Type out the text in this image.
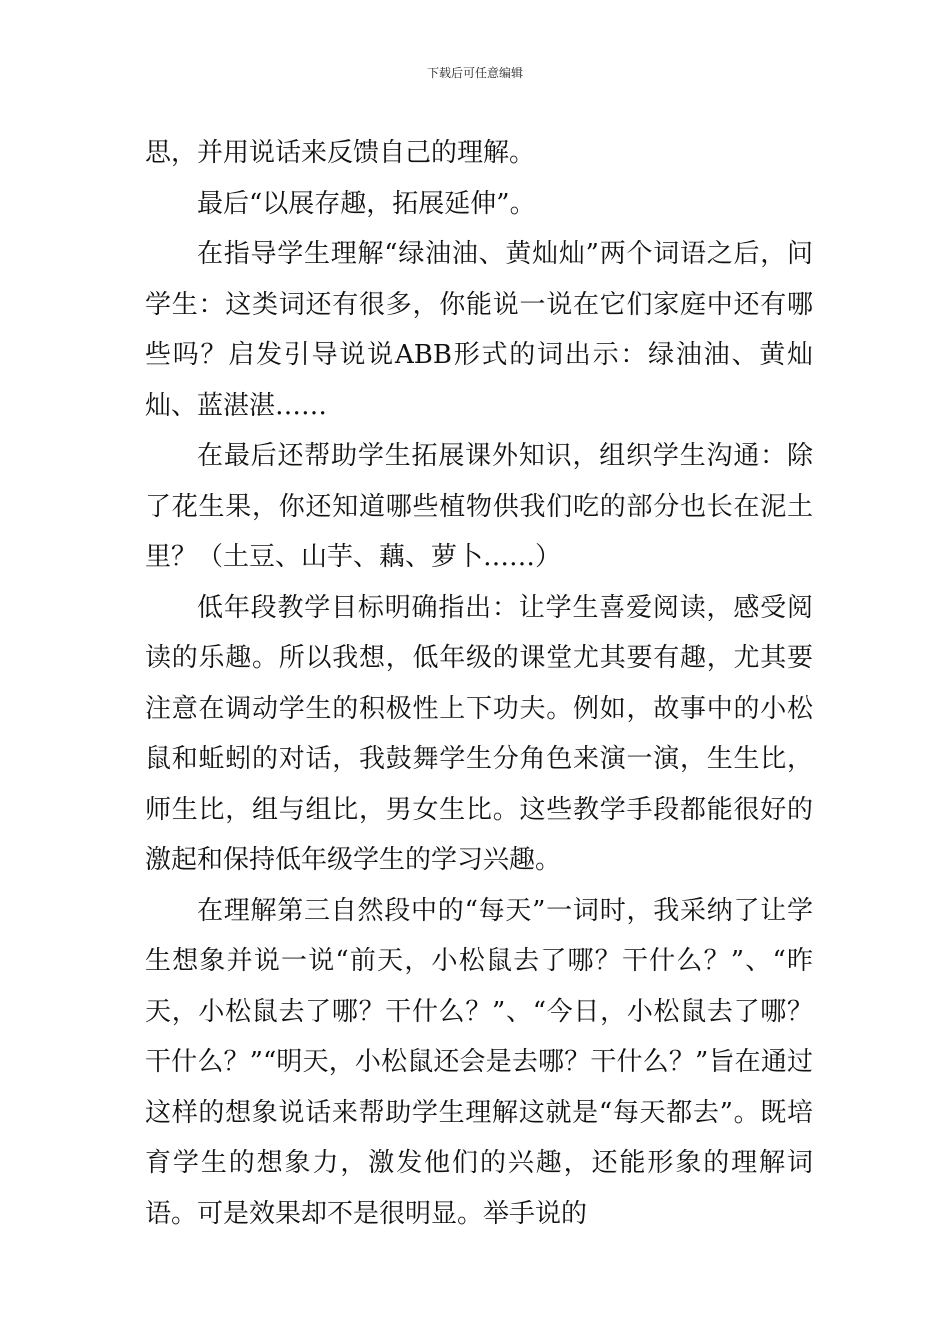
下载后可任意编辑

思，并用说话来反馈自己的理解。

最后“以展存趣，拓展延伸”。

在指导学生理解“绿油油、黄灿灿”两个词语之后，问学生：这类词还有很多，你能说一说在它们家庭中还有哪些吗？启发引导说说ABB形式的词出示：绿油油、黄灿灿、蓝湛湛……

在最后还帮助学生拓展课外知识，组织学生沟通：除了花生果，你还知道哪些植物供我们吃的部分也长在泥土里？（土豆、山芋、藕、萝卜……）

低年段教学目标明确指出：让学生喜爱阅读，感受阅读的乐趣。所以我想，低年级的课堂尤其要有趣，尤其要注意在调动学生的积极性上下功夫。例如，故事中的小松鼠和蚯蚓的对话，我鼓舞学生分角色来演一演，生生比，师生比，组与组比，男女生比。这些教学手段都能很好的激起和保持低年级学生的学习兴趣。

在理解第三自然段中的“每天”一词时，我采纳了让学生想象并说一说“前天，小松鼠去了哪？干什么？”、“昨天，小松鼠去了哪？干什么？”、“今日，小松鼠去了哪？干什么？”“明天，小松鼠还会是去哪？干什么？”旨在通过这样的想象说话来帮助学生理解这就是“每天都去”。既培育学生的想象力，激发他们的兴趣，还能形象的理解词语。可是效果却不是很明显。举手说的
